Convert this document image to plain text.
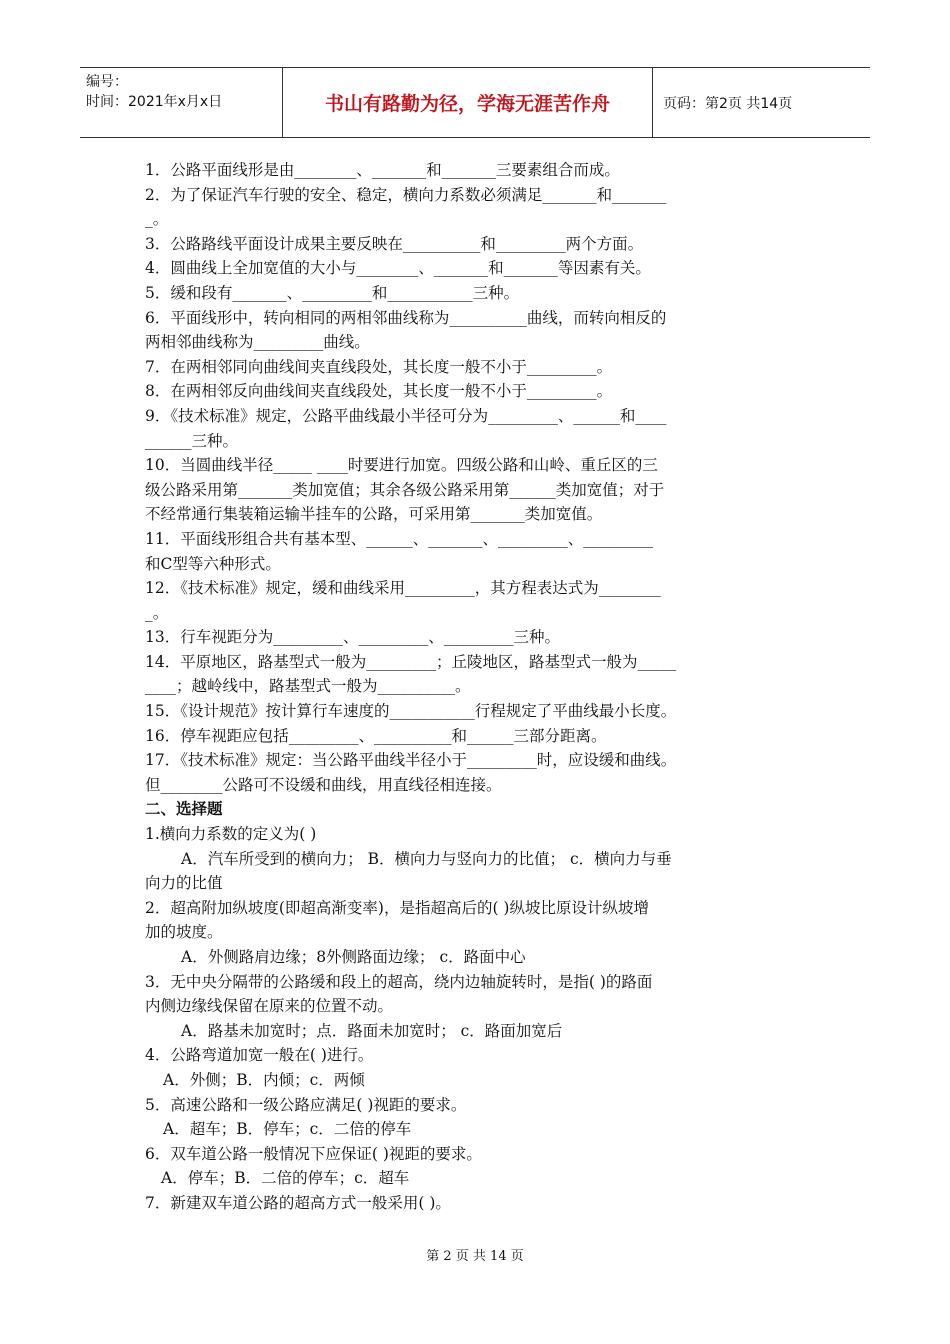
编号：
时间：2021年x月x日	书山有路勤为径，学海无涯苦作舟	页码：第2页 共14页
1．公路平面线形是由________、_______和_______三要素组合而成。
2．为了保证汽车行驶的安全、稳定，横向力系数必须满足_______和_______
_。
3．公路路线平面设计成果主要反映在__________和_________两个方面。
4．圆曲线上全加宽值的大小与________、_______和_______等因素有关。
5．缓和段有_______、_________和___________三种。
6．平面线形中，转向相同的两相邻曲线称为__________曲线，而转向相反的
两相邻曲线称为_________曲线。
7．在两相邻同向曲线间夹直线段处，其长度一般不小于_________。
8．在两相邻反向曲线间夹直线段处，其长度一般不小于_________。
9．《技术标准》规定，公路平曲线最小半径可分为_________、______和____
______三种。
10．当圆曲线半径_____ ____时要进行加宽。四级公路和山岭、重丘区的三
级公路采用第_______类加宽值；其余各级公路采用第______类加宽值；对于
不经常通行集装箱运输半挂车的公路，可采用第_______类加宽值。
11．平面线形组合共有基本型、______、_______、_________、_________
和C型等六种形式。
12．《技术标准》规定，缓和曲线采用_________，其方程表达式为________
_。
13．行车视距分为_________、_________、_________三种。
14．平原地区，路基型式一般为_________；丘陵地区，路基型式一般为_____
____；越岭线中，路基型式一般为__________。
15．《设计规范》按计算行车速度的___________行程规定了平曲线最小长度。
16．停车视距应包括_________、__________和______三部分距离。
17．《技术标准》规定：当公路平曲线半径小于_________时，应设缓和曲线。
但________公路可不设缓和曲线，用直线径相连接。
二、选择题
1.横向力系数的定义为( )
A．汽车所受到的横向力； B．横向力与竖向力的比值； c．横向力与垂
向力的比值
2．超高附加纵坡度(即超高渐变率)，是指超高后的( )纵坡比原设计纵坡增
加的坡度。
A．外侧路肩边缘；8外侧路面边缘； c．路面中心
3．无中央分隔带的公路缓和段上的超高，绕内边轴旋转时，是指( )的路面
内侧边缘线保留在原来的位置不动。
A．路基未加宽时；点．路面未加宽时； c．路面加宽后
4．公路弯道加宽一般在( )进行。
A．外侧；B．内倾；c．两倾
5．高速公路和一级公路应满足( )视距的要求。
A．超车；B．停车；c．二倍的停车
6．双车道公路一般情况下应保证( )视距的要求。
A．停车；B．二倍的停车；c．超车
7．新建双车道公路的超高方式一般采用( )。
第 2 页 共 14 页
